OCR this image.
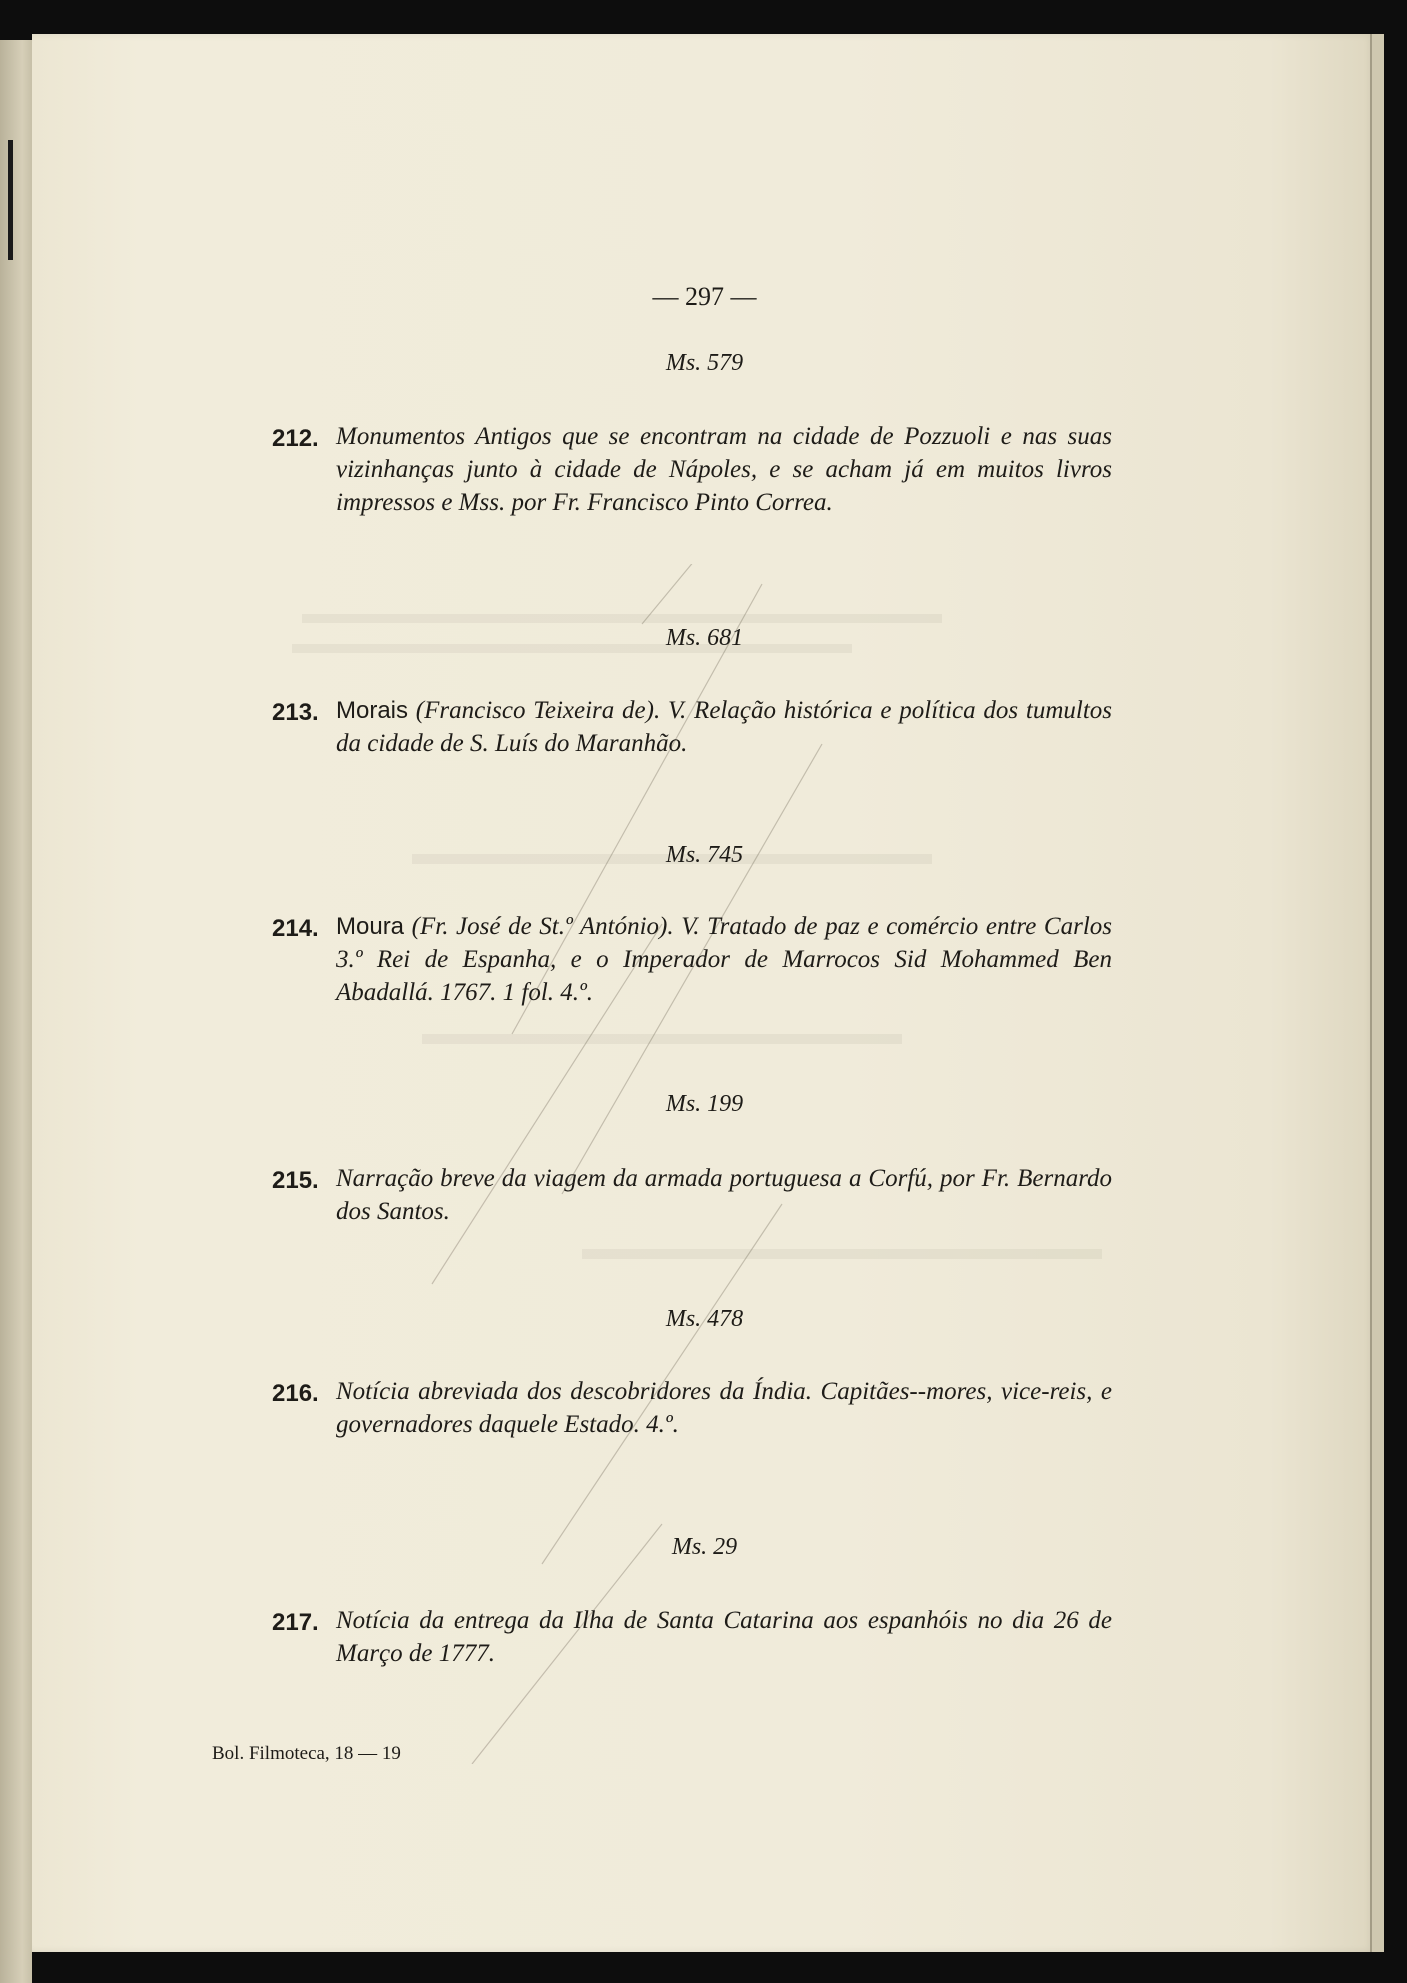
— 297 —
Ms. 579
212. Monumentos Antigos que se encontram na cidade de Pozzuoli e nas suas vizinhanças junto à cidade de Nápoles, e se acham já em muitos livros impressos e Mss. por Fr. Francisco Pinto Correa.
Ms. 681
213. Morais (Francisco Teixeira de). V. Relação histórica e política dos tumultos da cidade de S. Luís do Maranhão.
Ms. 745
214. Moura (Fr. José de St.º António). V. Tratado de paz e comércio entre Carlos 3.º Rei de Espanha, e o Imperador de Marrocos Sid Mohammed Ben Abadallá. 1767. 1 fol. 4.º.
Ms. 199
215. Narração breve da viagem da armada portuguesa a Corfú, por Fr. Bernardo dos Santos.
Ms. 478
216. Notícia abreviada dos descobridores da Índia. Capitães--mores, vice-reis, e governadores daquele Estado. 4.º.
Ms. 29
217. Notícia da entrega da Ilha de Santa Catarina aos espanhóis no dia 26 de Março de 1777.
Bol. Filmoteca, 18 — 19
